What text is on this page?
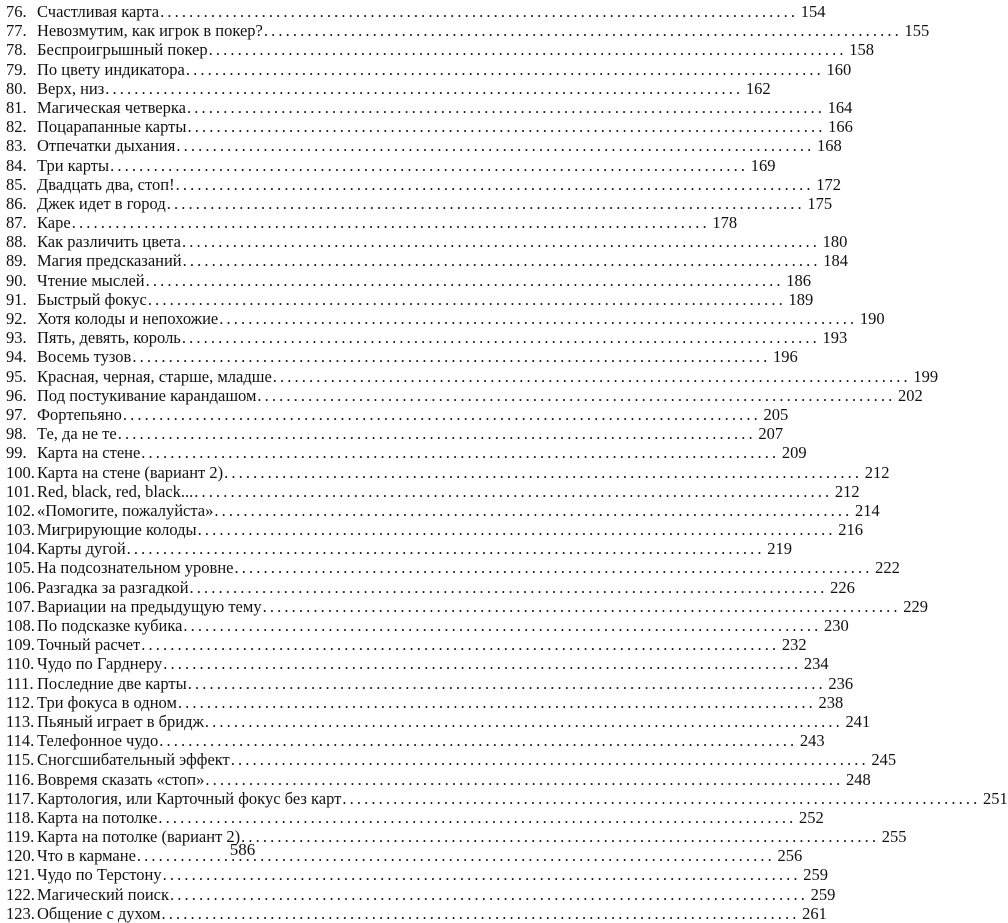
76. Счастливая карта . . .	154
77. Невозмутим, как игрок в покер? . . .	155
78. Беспроигрышный покер . . .	158
79. По цвету индикатора . . .	160
80. Верх, низ . . .	162
81. Магическая четверка . . .	164
82. Поцарапанные карты . . .	166
83. Отпечатки дыхания . . .	168
84. Три карты . . .	169
85. Двадцать два, стоп! . . .	172
86. Джек идет в город . . .	175
87. Каре . . .	178
88. Как различить цвета . . .	180
89. Магия предсказаний . . .	184
90. Чтение мыслей . . .	186
91. Быстрый фокус . . .	189
92. Хотя колоды и непохожие . . .	190
93. Пять, девять, король . . .	193
94. Восемь тузов . . .	196
95. Красная, черная, старше, младше . . .	199
96. Под постукивание карандашом . . .	202
97. Фортепьяно . . .	205
98. Те, да не те . . .	207
99. Карта на стене . . .	209
100. Карта на стене (вариант 2) . . .	212
101. Red, black, red, black... . . .	212
102. «Помогите, пожалуйста» . . .	214
103. Мигрирующие колоды . . .	216
104. Карты дугой . . .	219
105. На подсознательном уровне . . .	222
106. Разгадка за разгадкой . . .	226
107. Вариации на предыдущую тему . . .	229
108. По подсказке кубика . . .	230
109. Точный расчет . . .	232
110. Чудо по Гарднеру . . .	234
111. Последние две карты . . .	236
112. Три фокуса в одном . . .	238
113. Пьяный играет в бридж . . .	241
114. Телефонное чудо . . .	243
115. Сногсшибательный эффект . . .	245
116. Вовремя сказать «стоп» . . .	248
117. Картология, или Карточный фокус без карт . . .	251
118. Карта на потолке . . .	252
119. Карта на потолке (вариант 2) . . .	255
120. Что в кармане . . .	256
121. Чудо по Терстону . . .	259
122. Магический поиск . . .	259
123. Общение с духом . . .	261
586
